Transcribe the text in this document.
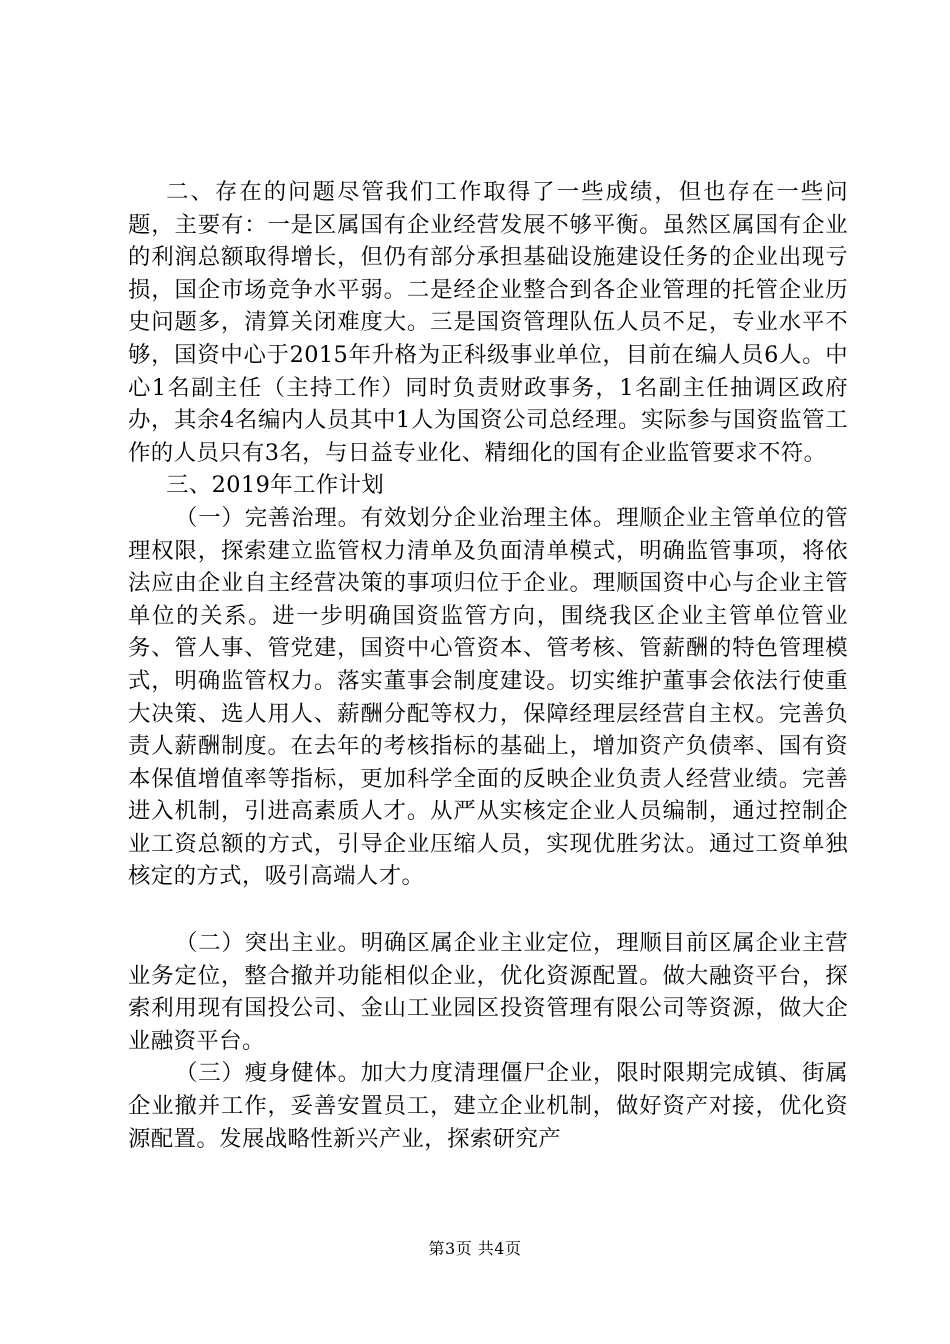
二、存在的问题尽管我们工作取得了一些成绩，但也存在一些问题，主要有：一是区属国有企业经营发展不够平衡。虽然区属国有企业的利润总额取得增长，但仍有部分承担基础设施建设任务的企业出现亏损，国企市场竞争水平弱。二是经企业整合到各企业管理的托管企业历史问题多，清算关闭难度大。三是国资管理队伍人员不足，专业水平不够，国资中心于2015年升格为正科级事业单位，目前在编人员6人。中心1名副主任（主持工作）同时负责财政事务，1名副主任抽调区政府办，其余4名编内人员其中1人为国资公司总经理。实际参与国资监管工作的人员只有3名，与日益专业化、精细化的国有企业监管要求不符。

三、2019年工作计划

（一）完善治理。有效划分企业治理主体。理顺企业主管单位的管理权限，探索建立监管权力清单及负面清单模式，明确监管事项，将依法应由企业自主经营决策的事项归位于企业。理顺国资中心与企业主管单位的关系。进一步明确国资监管方向，围绕我区企业主管单位管业务、管人事、管党建，国资中心管资本、管考核、管薪酬的特色管理模式，明确监管权力。落实董事会制度建设。切实维护董事会依法行使重大决策、选人用人、薪酬分配等权力，保障经理层经营自主权。完善负责人薪酬制度。在去年的考核指标的基础上，增加资产负债率、国有资本保值增值率等指标，更加科学全面的反映企业负责人经营业绩。完善进入机制，引进高素质人才。从严从实核定企业人员编制，通过控制企业工资总额的方式，引导企业压缩人员，实现优胜劣汰。通过工资单独核定的方式，吸引高端人才。

（二）突出主业。明确区属企业主业定位，理顺目前区属企业主营业务定位，整合撤并功能相似企业，优化资源配置。做大融资平台，探索利用现有国投公司、金山工业园区投资管理有限公司等资源，做大企业融资平台。

（三）瘦身健体。加大力度清理僵尸企业，限时限期完成镇、街属企业撤并工作，妥善安置员工，建立企业机制，做好资产对接，优化资源配置。发展战略性新兴产业，探索研究产

第3页 共4页
